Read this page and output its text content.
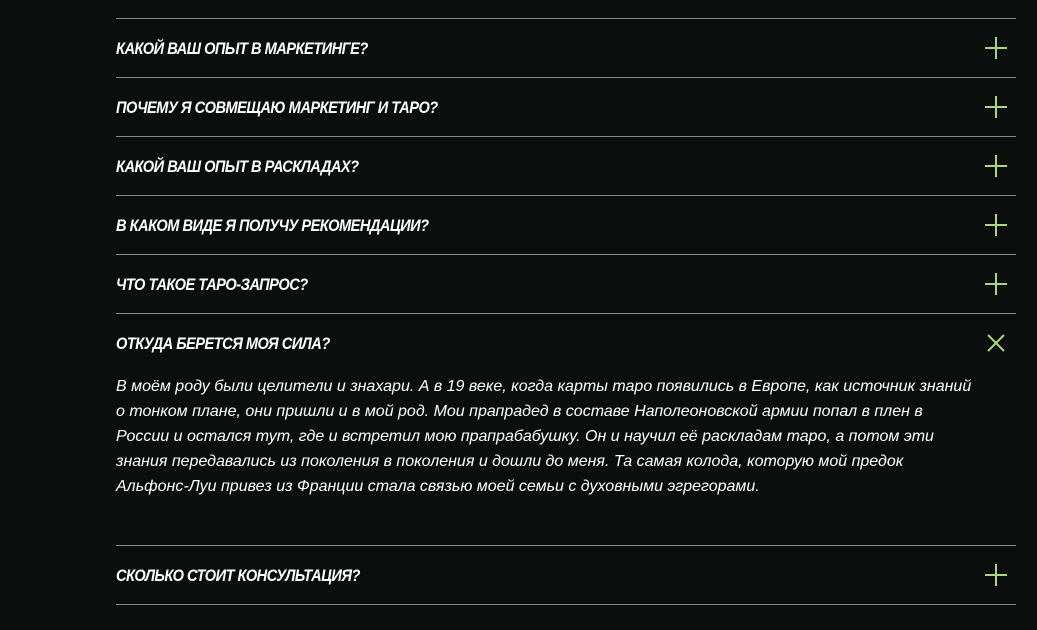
КАКОЙ ВАШ ОПЫТ В МАРКЕТИНГЕ?
ПОЧЕМУ Я СОВМЕЩАЮ МАРКЕТИНГ И ТАРО?
КАКОЙ ВАШ ОПЫТ В РАСКЛАДАХ?
В КАКОМ ВИДЕ Я ПОЛУЧУ РЕКОМЕНДАЦИИ?
ЧТО ТАКОЕ ТАРО-ЗАПРОС?
ОТКУДА БЕРЕТСЯ МОЯ СИЛА?
В моём роду были целители и знахари. А в 19 веке, когда карты таро появились в Европе, как источник знаний о тонком плане, они пришли и в мой род. Мои прапрадед в составе Наполеоновской армии попал в плен в России и остался тут, где и встретил мою прапрабабушку. Он и научил её раскладам таро, а потом эти знания передавались из поколения в поколения и дошли до меня. Та самая колода, которую мой предок Альфонс-Луи привез из Франции стала связью моей семьи с духовными эгрегорами.
СКОЛЬКО СТОИТ КОНСУЛЬТАЦИЯ?
